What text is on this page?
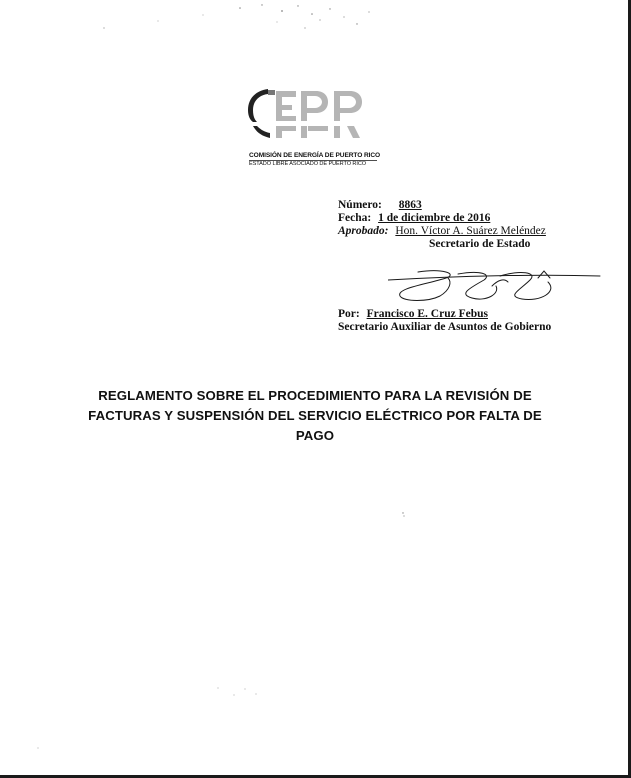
COMISIÓN DE ENERGÍA DE PUERTO RICO
ESTADO LIBRE ASOCIADO DE PUERTO RICO
Número: 8863
Fecha: 1 de diciembre de 2016
Aprobado: Hon. Víctor A. Suárez Meléndez
Secretario de Estado
Por: Francisco E. Cruz Febus
Secretario Auxiliar de Asuntos de Gobierno
REGLAMENTO SOBRE EL PROCEDIMIENTO PARA LA REVISIÓN DE
FACTURAS Y SUSPENSIÓN DEL SERVICIO ELÉCTRICO POR FALTA DE
PAGO
